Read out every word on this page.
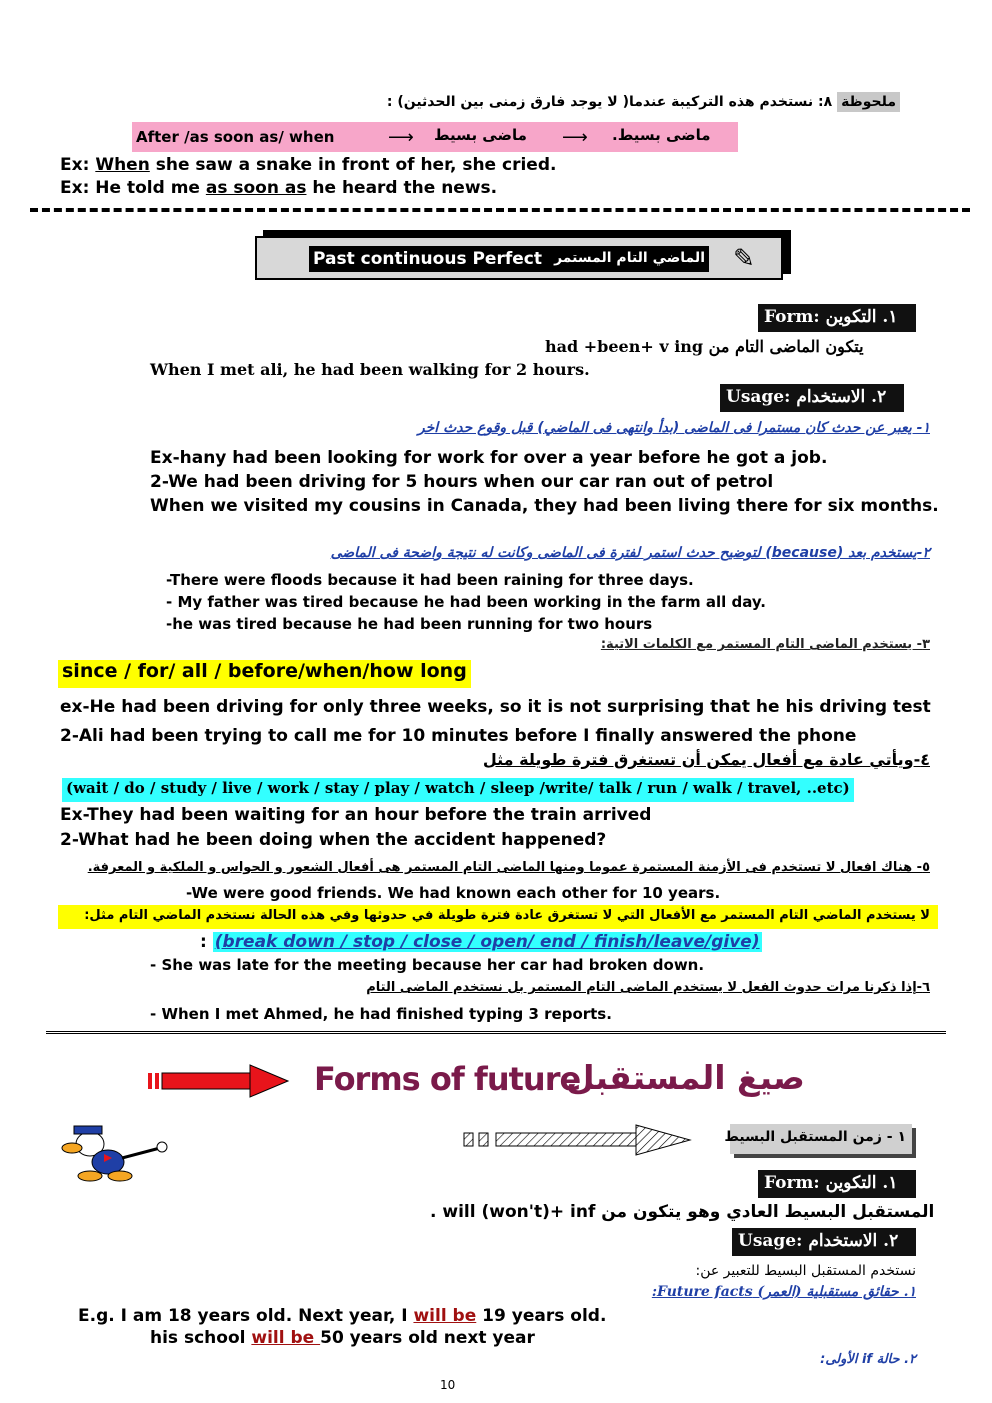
ملحوظة ٨: نستخدم هذه التركيبة عندما( لا يوجد فارق زمنى بين الحدثين) :
After /as soon as/ when	⟶ ماضى بسيط ⟶ ماضى بسيط.
Ex: When she saw a snake in front of her, she cried.
Ex: He told me as soon as he heard the news.
Past continuous Perfect الماضي التام المستمر ✎
Form: ١. التكوين
يتكون الماضى التام من had +been+ v ing
When I met ali, he had been walking for 2 hours.
Usage: ٢. الاستخدام
١- يعبر عن حدث كان مستمرا فى الماضى (بدأ وانتهى فى الماضي) قبل وقوع حدث اخر
Ex-hany had been looking for work for over a year before he got a job.
2-We had been driving for 5 hours when our car ran out of petrol
When we visited my cousins in Canada, they had been living there for six months.
٢-يستخدم بعد (because) لتوضيح حدث استمر لفترة فى الماضى وكانت له نتيجة واضحة فى الماضى
-There were floods because it had been raining for three days.
- My father was tired because he had been working in the farm all day.
-he was tired because he had been running for two hours
٣- يستخدم الماضى التام المستمر مع الكلمات الاتية:
since / for/ all / before/when/how long
ex-He had been driving for only three weeks, so it is not surprising that he his driving test
2-Ali had been trying to call me for 10 minutes before I finally answered the phone
٤-ويأتي عادة مع أفعال يمكن أن تستغرق فترة طويلة مثل
(wait / do / study / live / work / stay / play / watch / sleep /write/ talk / run / walk / travel, ..etc)
Ex-They had been waiting for an hour before the train arrived
2-What had he been doing when the accident happened?
٥- هناك افعال لا تستخدم فى الأزمنة المستمرة عموما ومنها الماضى التام المستمر هى أفعال الشعور و الحواس و الملكية و المعرفة.
-We were good friends. We had known each other for 10 years.
لا يستخدم الماضي التام المستمر مع الأفعال التي لا تستغرق عادة فترة طويلة في حدوثها وفي هذه الحالة نستخدم الماضي التام مثل:
: (break down / stop / close / open/ end / finish/leave/give)
- She was late for the meeting because her car had broken down.
٦-إذا ذكرنا مرات حدوث الفعل لا يستخدم الماضى التام المستمر بل نستخدم الماضى التام
- When I met Ahmed, he had finished typing 3 reports.
Forms of future
صيغ المستقبل
١ - زمن المستقبل البسيط
Form: ١. التكوين
المستقبل البسيط العادي وهو يتكون من will (won't)+ inf .
Usage: ٢. الاستخدام
نستخدم المستقبل البسيط للتعبير عن:
١. حقائق مستقبلية (العمر) Future facts:
E.g. I am 18 years old. Next year, I will be 19 years old.
his school will be 50 years old next year
٢. حالة if الأولى:
10
